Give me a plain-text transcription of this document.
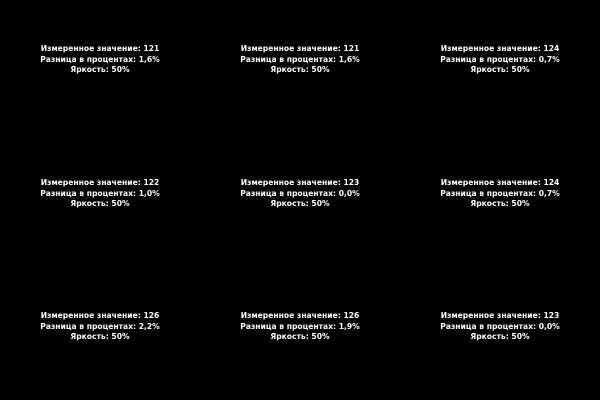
Измеренное значение: 121
Разница в процентах: 1,6%
Яркость: 50%
Измеренное значение: 121
Разница в процентах: 1,6%
Яркость: 50%
Измеренное значение: 124
Разница в процентах: 0,7%
Яркость: 50%
Измеренное значение: 122
Разница в процентах: 1,0%
Яркость: 50%
Измеренное значение: 123
Разница в процентах: 0,0%
Яркость: 50%
Измеренное значение: 124
Разница в процентах: 0,7%
Яркость: 50%
Измеренное значение: 126
Разница в процентах: 2,2%
Яркость: 50%
Измеренное значение: 126
Разница в процентах: 1,9%
Яркость: 50%
Измеренное значение: 123
Разница в процентах: 0,0%
Яркость: 50%
